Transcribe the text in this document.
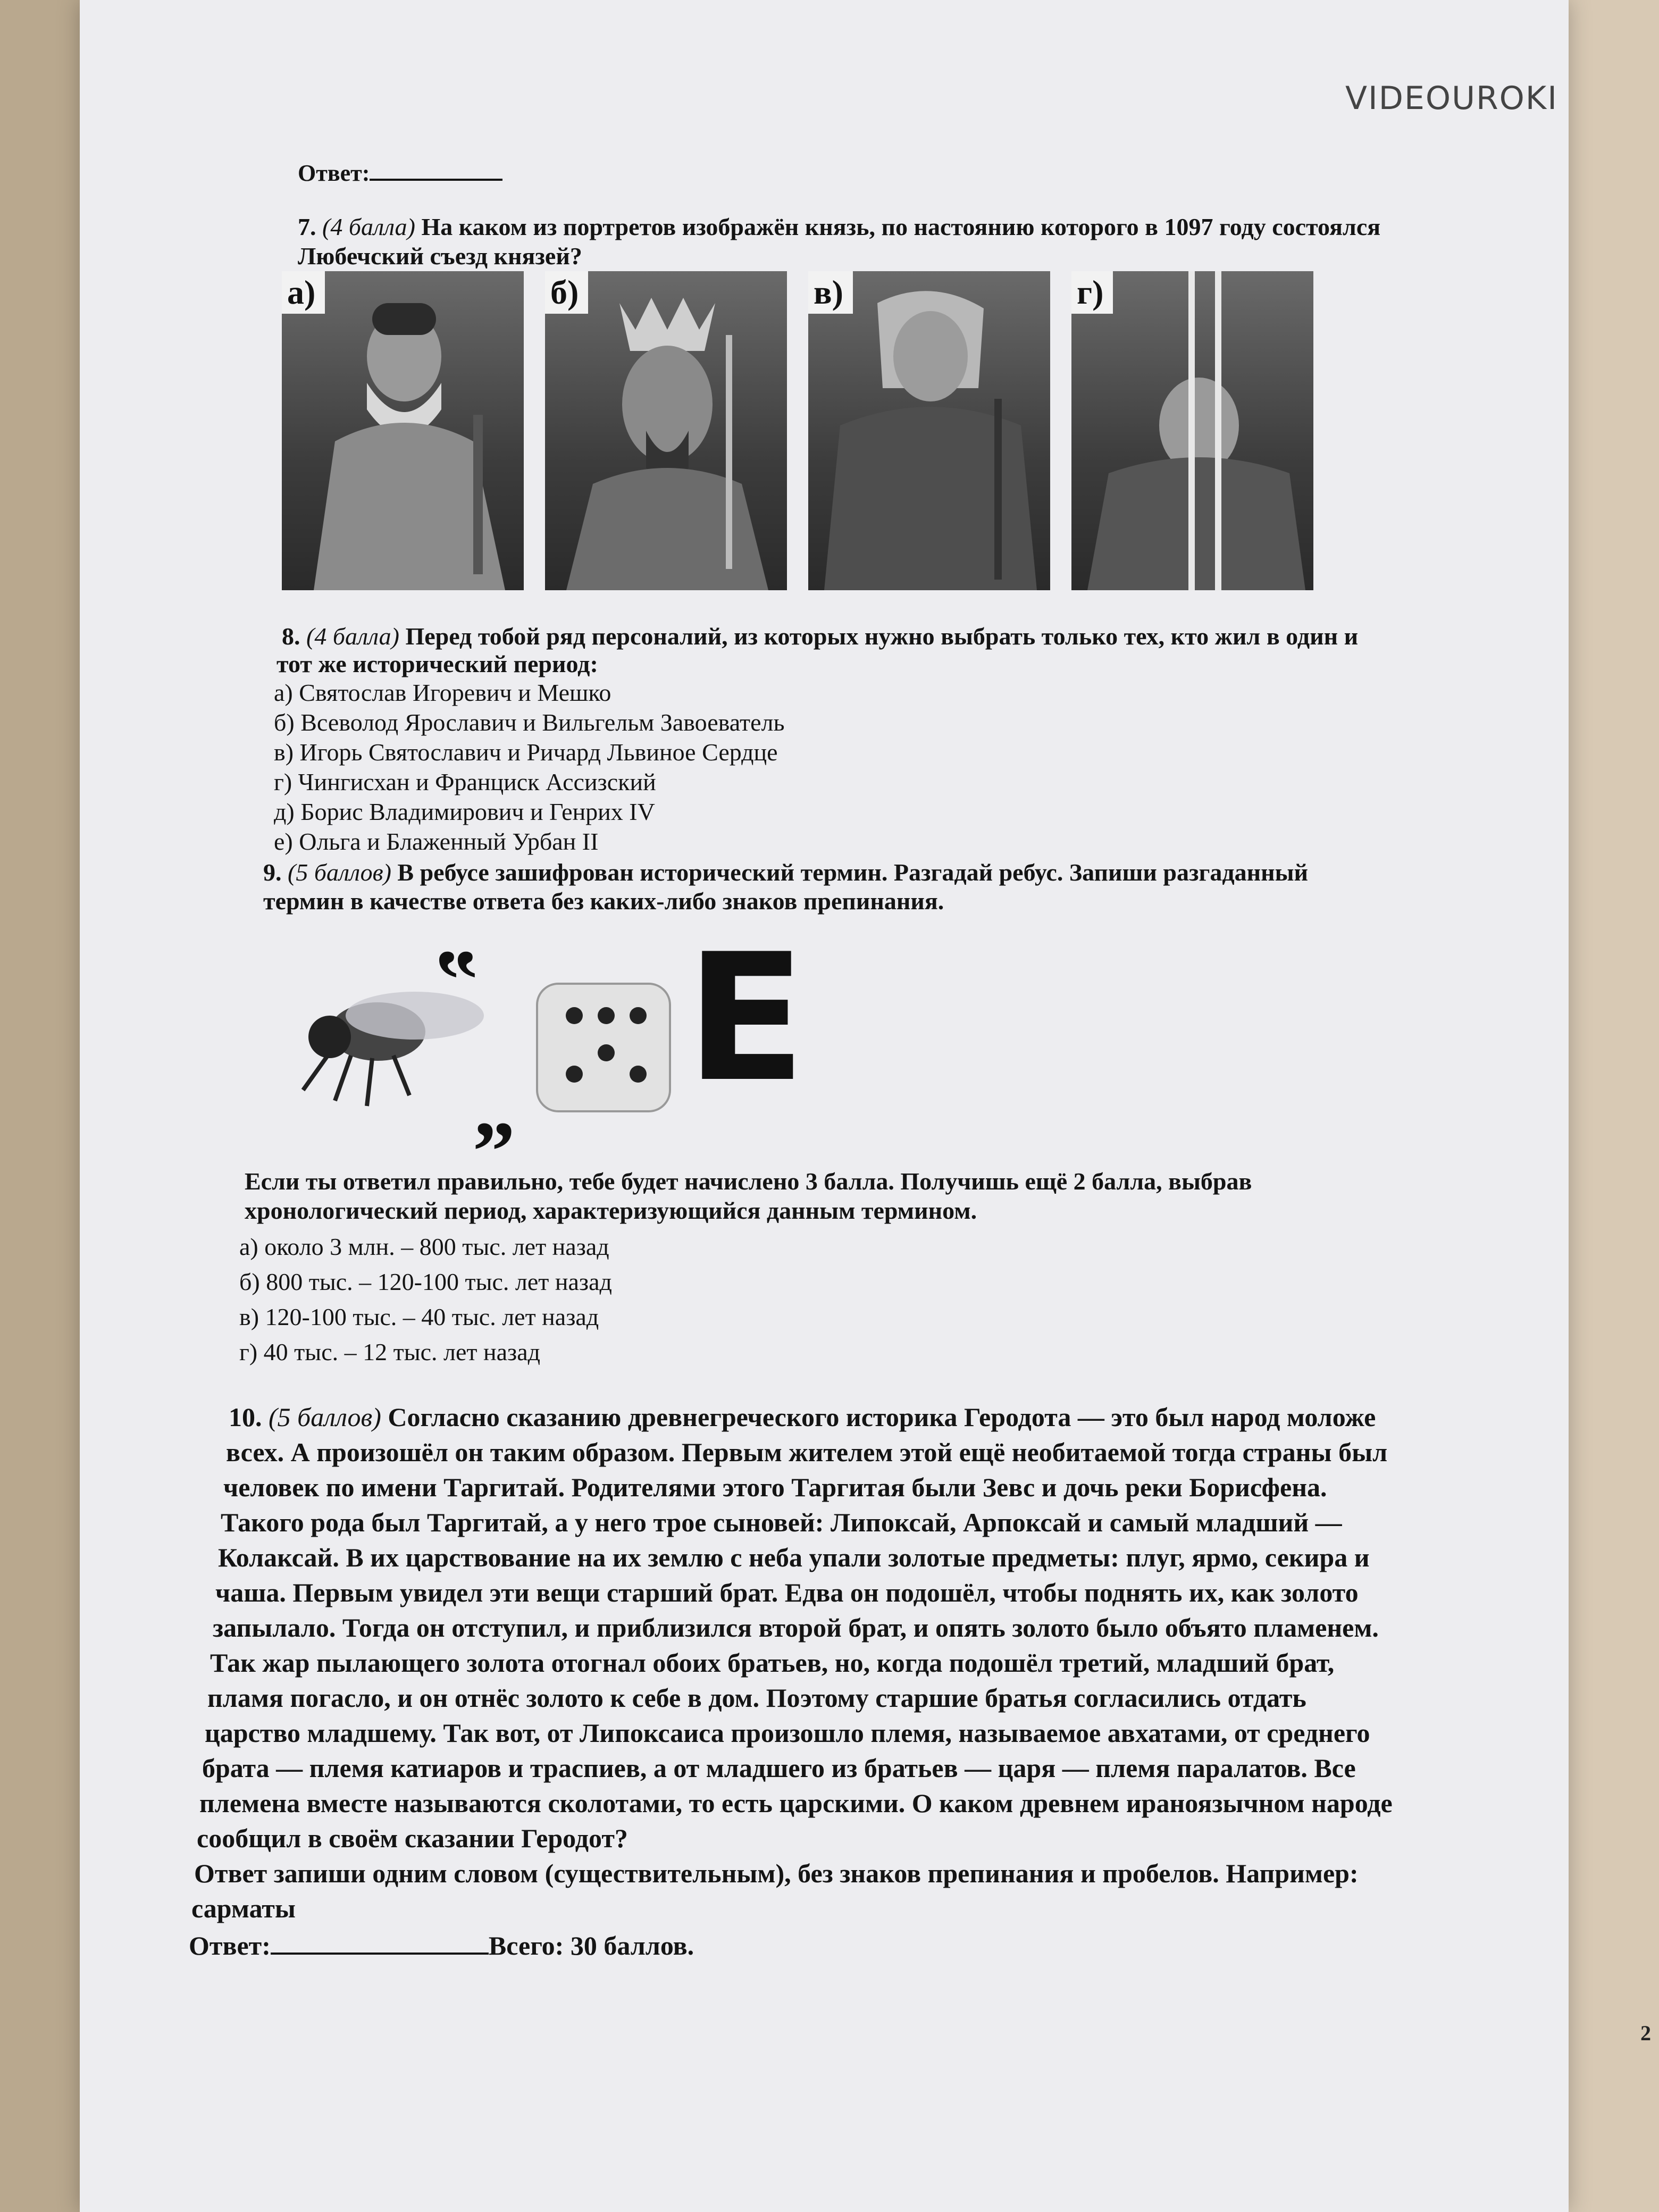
VIDEOUROKI
Ответ:
7. (4 балла) На каком из портретов изображён князь, по настоянию которого в 1097 году состоялся
Любечский съезд князей?
а)	б)	в)	г)
8. (4 балла) Перед тобой ряд персоналий, из которых нужно выбрать только тех, кто жил в один и
тот же исторический период:
а) Святослав Игоревич и Мешко
б) Всеволод Ярославич и Вильгельм Завоеватель
в) Игорь Святославич и Ричард Львиное Сердце
г) Чингисхан и Франциск Ассизский
д) Борис Владимирович и Генрих IV
е) Ольга и Блаженный Урбан II
9. (5 баллов) В ребусе зашифрован исторический термин. Разгадай ребус. Запиши разгаданный
термин в качестве ответа без каких-либо знаков препинания.
‟
„ E
Если ты ответил правильно, тебе будет начислено 3 балла. Получишь ещё 2 балла, выбрав
хронологический период, характеризующийся данным термином.
а) около 3 млн. – 800 тыс. лет назад
б) 800 тыс. – 120-100 тыс. лет назад
в) 120-100 тыс. – 40 тыс. лет назад
г) 40 тыс. – 12 тыс. лет назад
10. (5 баллов) Согласно сказанию древнегреческого историка Геродота — это был народ моложе
всех. А произошёл он таким образом. Первым жителем этой ещё необитаемой тогда страны был
человек по имени Таргитай. Родителями этого Таргитая были Зевс и дочь реки Борисфена.
Такого рода был Таргитай, а у него трое сыновей: Липоксай, Арпоксай и самый младший —
Колаксай. В их царствование на их землю с неба упали золотые предметы: плуг, ярмо, секира и
чаша. Первым увидел эти вещи старший брат. Едва он подошёл, чтобы поднять их, как золото
запылало. Тогда он отступил, и приблизился второй брат, и опять золото было объято пламенем.
Так жар пылающего золота отогнал обоих братьев, но, когда подошёл третий, младший брат,
пламя погасло, и он отнёс золото к себе в дом. Поэтому старшие братья согласились отдать
царство младшему. Так вот, от Липоксаиса произошло племя, называемое авхатами, от среднего
брата — племя катиаров и траспиев, а от младшего из братьев — царя — племя паралатов. Все
племена вместе называются сколотами, то есть царскими. О каком древнем ираноязычном народе
сообщил в своём сказании Геродот?
Ответ запиши одним словом (существительным), без знаков препинания и пробелов. Например:
сарматы
Ответ:	Всего: 30 баллов.
2
